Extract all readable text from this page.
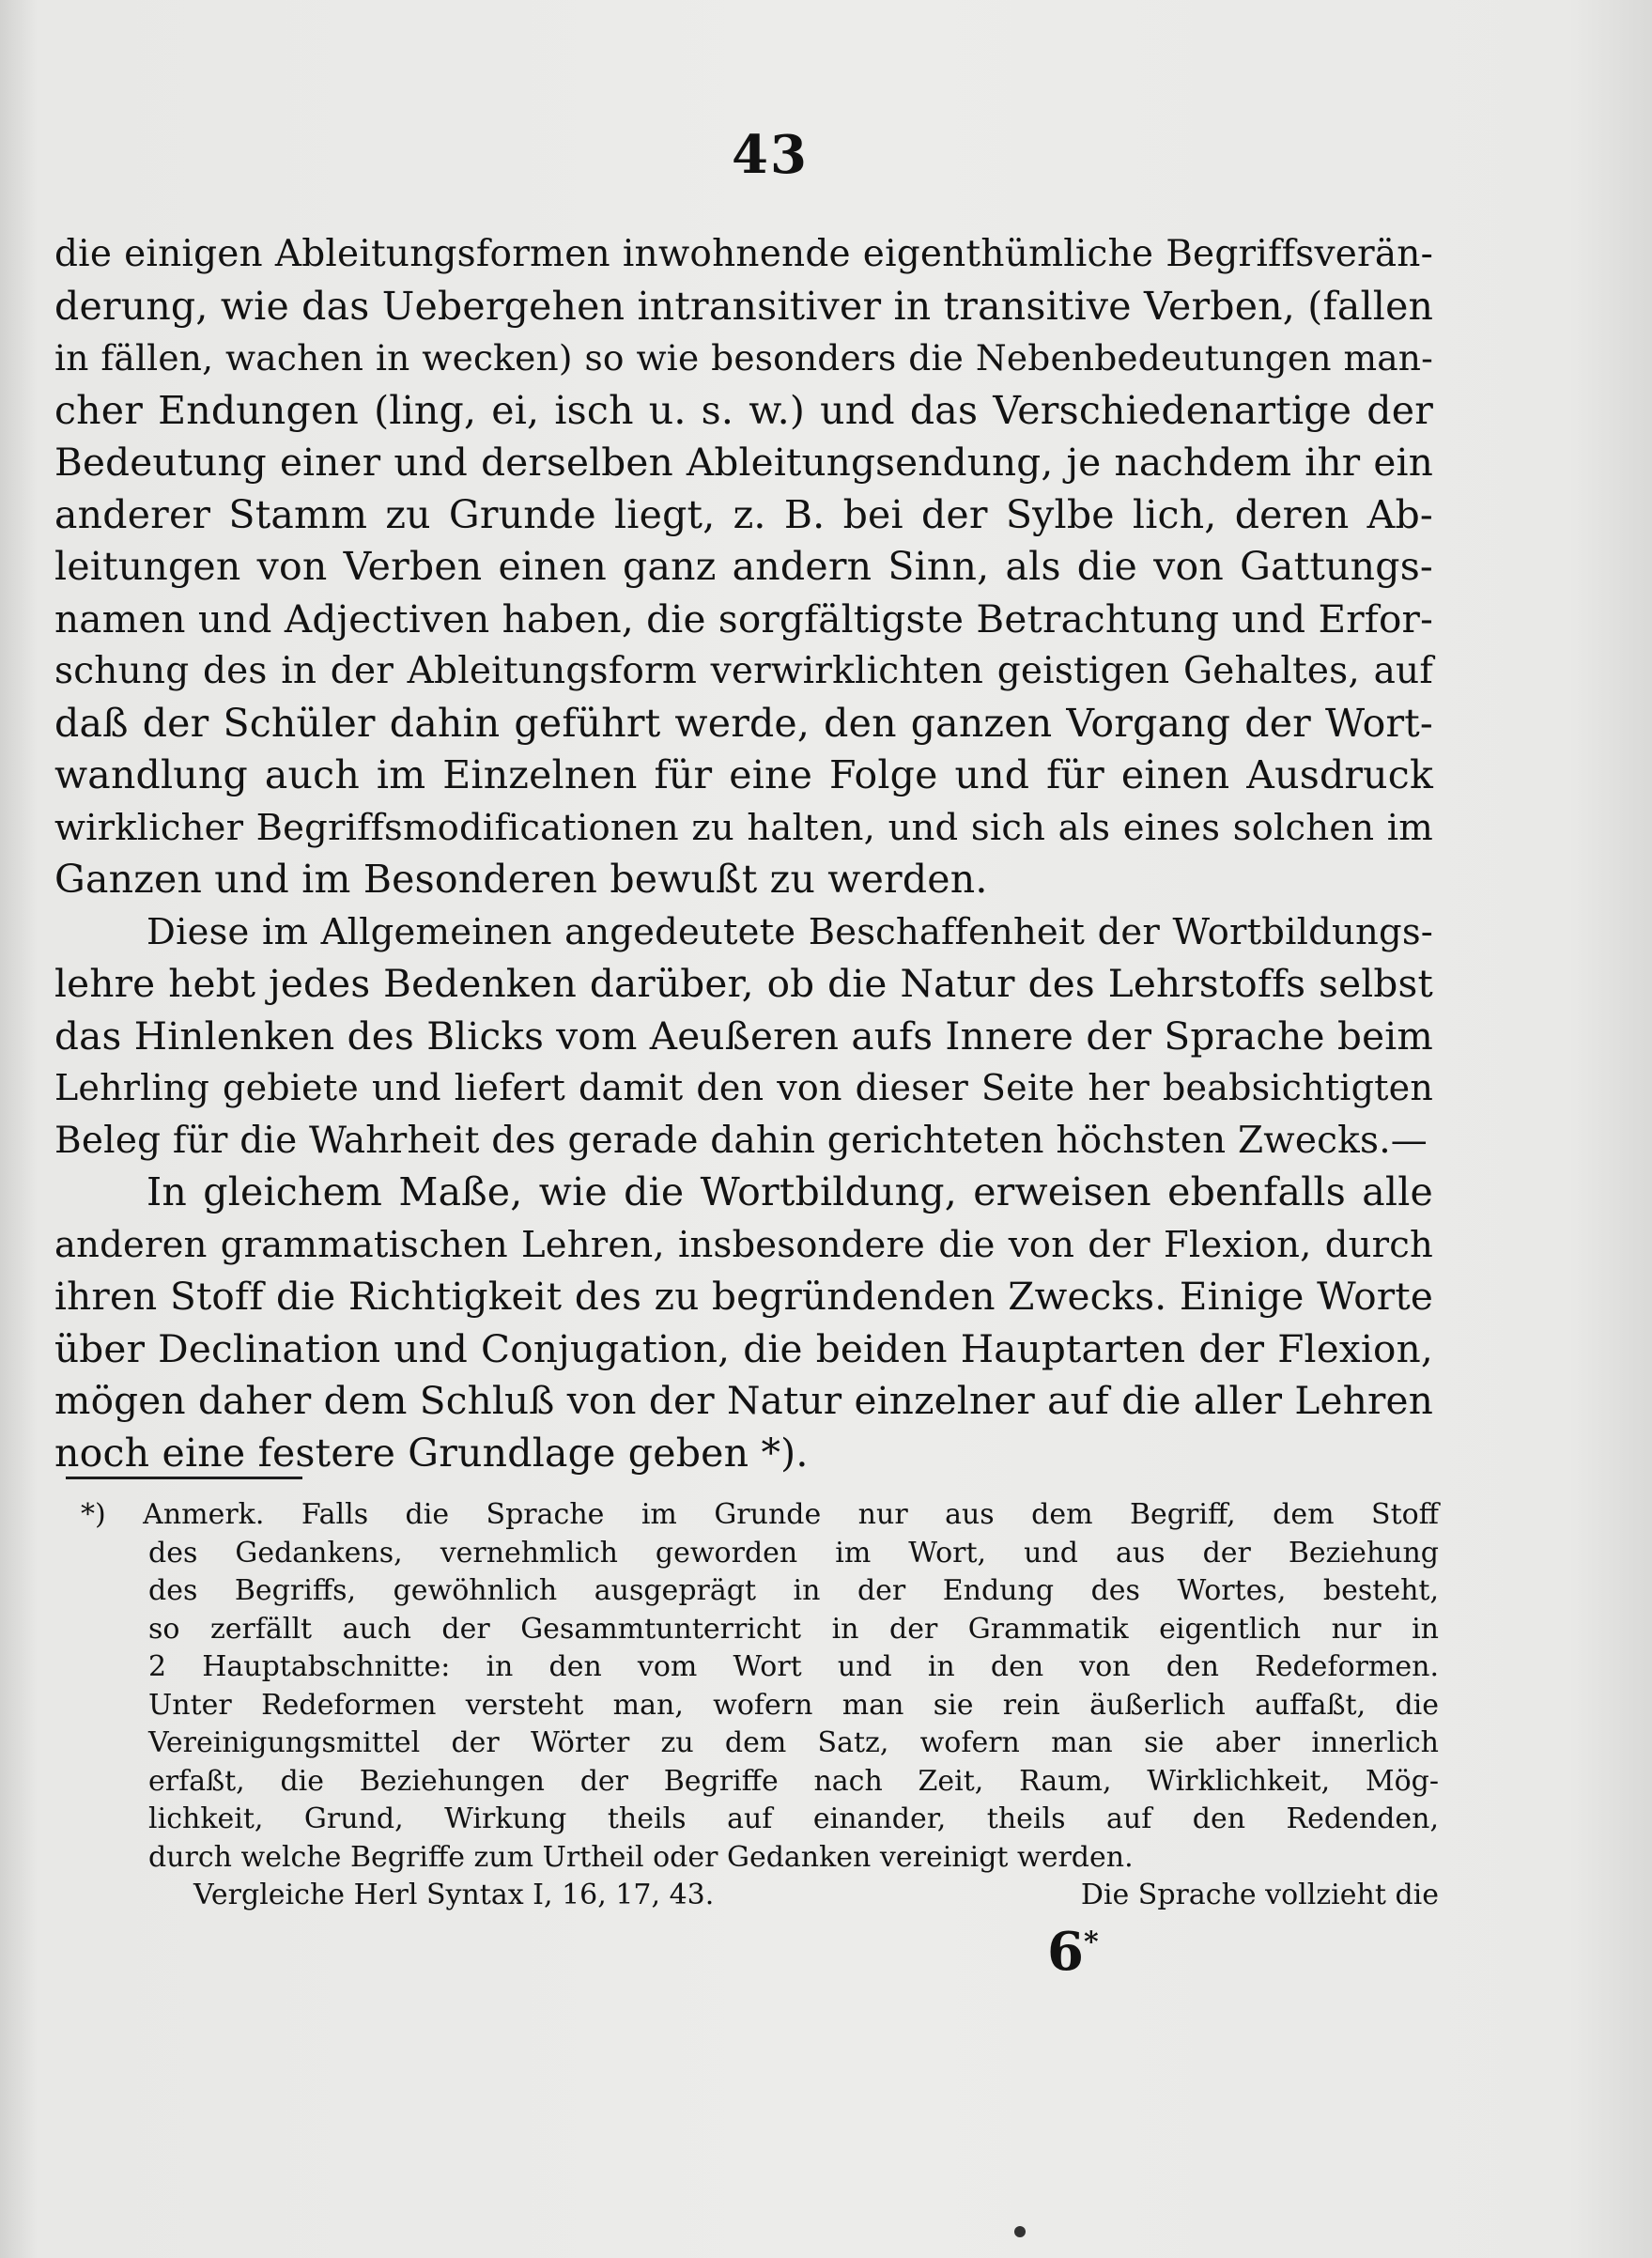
43
die einigen Ableitungsformen inwohnende eigenthümliche Begriffsverän-
derung, wie das Uebergehen intransitiver in transitive Verben, (fallen
in fällen, wachen in wecken) so wie besonders die Nebenbedeutungen man-
cher Endungen (ling, ei, isch u. s. w.) und das Verschiedenartige der
Bedeutung einer und derselben Ableitungsendung, je nachdem ihr ein
anderer Stamm zu Grunde liegt, z. B. bei der Sylbe lich, deren Ab-
leitungen von Verben einen ganz andern Sinn, als die von Gattungs-
namen und Adjectiven haben, die sorgfältigste Betrachtung und Erfor-
schung des in der Ableitungsform verwirklichten geistigen Gehaltes, auf
daß der Schüler dahin geführt werde, den ganzen Vorgang der Wort-
wandlung auch im Einzelnen für eine Folge und für einen Ausdruck
wirklicher Begriffsmodificationen zu halten, und sich als eines solchen im
Ganzen und im Besonderen bewußt zu werden.
Diese im Allgemeinen angedeutete Beschaffenheit der Wortbildungs-
lehre hebt jedes Bedenken darüber, ob die Natur des Lehrstoffs selbst
das Hinlenken des Blicks vom Aeußeren aufs Innere der Sprache beim
Lehrling gebiete und liefert damit den von dieser Seite her beabsichtigten
Beleg für die Wahrheit des gerade dahin gerichteten höchsten Zwecks.—
In gleichem Maße, wie die Wortbildung, erweisen ebenfalls alle
anderen grammatischen Lehren, insbesondere die von der Flexion, durch
ihren Stoff die Richtigkeit des zu begründenden Zwecks. Einige Worte
über Declination und Conjugation, die beiden Hauptarten der Flexion,
mögen daher dem Schluß von der Natur einzelner auf die aller Lehren
noch eine festere Grundlage geben *).
*) Anmerk. Falls die Sprache im Grunde nur aus dem Begriff, dem Stoff
des Gedankens, vernehmlich geworden im Wort, und aus der Beziehung
des Begriffs, gewöhnlich ausgeprägt in der Endung des Wortes, besteht,
so zerfällt auch der Gesammtunterricht in der Grammatik eigentlich nur in
2 Hauptabschnitte: in den vom Wort und in den von den Redeformen.
Unter Redeformen versteht man, wofern man sie rein äußerlich auffaßt, die
Vereinigungsmittel der Wörter zu dem Satz, wofern man sie aber innerlich
erfaßt, die Beziehungen der Begriffe nach Zeit, Raum, Wirklichkeit, Mög-
lichkeit, Grund, Wirkung theils auf einander, theils auf den Redenden,
durch welche Begriffe zum Urtheil oder Gedanken vereinigt werden.
Vergleiche Herl Syntax I, 16, 17, 43.	Die Sprache vollzieht die
6*
